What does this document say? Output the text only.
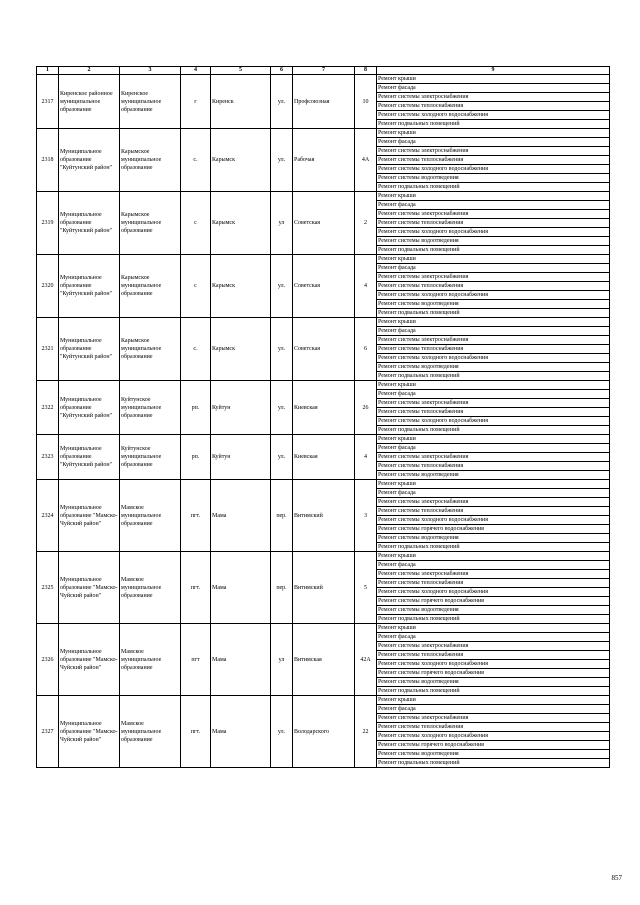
1	2	3	4	5	6	7	8	9
2317	Киренское районное муниципальное образование	Киренское муниципальное образование	г	Киренск	ул.	Профсоюзная	10	Ремонт крыши
								Ремонт фасада
								Ремонт системы электроснабжения
								Ремонт системы теплоснабжения
								Ремонт системы холодного водоснабжения
								Ремонт подвальных помещений
2318	Муниципальное образование "Куйтунский район"	Карымское муниципальное образование	с.	Карымск	ул.	Рабочая	4А	Ремонт крыши
								Ремонт фасада
								Ремонт системы электроснабжения
								Ремонт системы теплоснабжения
								Ремонт системы холодного водоснабжения
								Ремонт системы водоотведения
								Ремонт подвальных помещений
2319	Муниципальное образование "Куйтунский район"	Карымское муниципальное образование	с	Карымск	ул	Советская	2	Ремонт крыши
								Ремонт фасада
								Ремонт системы электроснабжения
								Ремонт системы теплоснабжения
								Ремонт системы холодного водоснабжения
								Ремонт системы водоотведения
								Ремонт подвальных помещений
2320	Муниципальное образование "Куйтунский район"	Карымское муниципальное образование	с	Карымск	ул.	Советская	4	Ремонт крыши
								Ремонт фасада
								Ремонт системы электроснабжения
								Ремонт системы теплоснабжения
								Ремонт системы холодного водоснабжения
								Ремонт системы водоотведения
								Ремонт подвальных помещений
2321	Муниципальное образование "Куйтунский район"	Карымское муниципальное образование	с.	Карымск	ул.	Советская	6	Ремонт крыши
								Ремонт фасада
								Ремонт системы электроснабжения
								Ремонт системы теплоснабжения
								Ремонт системы холодного водоснабжения
								Ремонт системы водоотведения
								Ремонт подвальных помещений
2322	Муниципальное образование "Куйтунский район"	Куйтунское муниципальное образование	рп.	Куйтун	ул.	Киевская	26	Ремонт крыши
								Ремонт фасада
								Ремонт системы электроснабжения
								Ремонт системы теплоснабжения
								Ремонт системы холодного водоснабжения
								Ремонт подвальных помещений
2323	Муниципальное образование "Куйтунский район"	Куйтунское муниципальное образование	рп.	Куйтун	ул.	Киевская	4	Ремонт крыши
								Ремонт фасада
								Ремонт системы электроснабжения
								Ремонт системы теплоснабжения
								Ремонт системы водоотведения
2324	Муниципальное образование "Мамско-Чуйский район"	Мамское муниципальное образование	пгт.	Мама	пер.	Витимский	3	Ремонт крыши
								Ремонт фасада
								Ремонт системы электроснабжения
								Ремонт системы теплоснабжения
								Ремонт системы холодного водоснабжения
								Ремонт системы горячего водоснабжения
								Ремонт системы водоотведения
								Ремонт подвальных помещений
2325	Муниципальное образование "Мамско-Чуйский район"	Мамское муниципальное образование	пгт.	Мама	пер.	Витимский	5	Ремонт крыши
								Ремонт фасада
								Ремонт системы электроснабжения
								Ремонт системы теплоснабжения
								Ремонт системы холодного водоснабжения
								Ремонт системы горячего водоснабжения
								Ремонт системы водоотведения
								Ремонт подвальных помещений
2326	Муниципальное образование "Мамско-Чуйский район"	Мамское муниципальное образование	пгт	Мама	ул	Витимская	42А	Ремонт крыши
								Ремонт фасада
								Ремонт системы электроснабжения
								Ремонт системы теплоснабжения
								Ремонт системы холодного водоснабжения
								Ремонт системы горячего водоснабжения
								Ремонт системы водоотведения
								Ремонт подвальных помещений
2327	Муниципальное образование "Мамско-Чуйский район"	Мамское муниципальное образование	пгт.	Мама	ул.	Володарского	22	Ремонт крыши
								Ремонт фасада
								Ремонт системы электроснабжения
								Ремонт системы теплоснабжения
								Ремонт системы холодного водоснабжения
								Ремонт системы горячего водоснабжения
								Ремонт системы водоотведения
								Ремонт подвальных помещений
857
